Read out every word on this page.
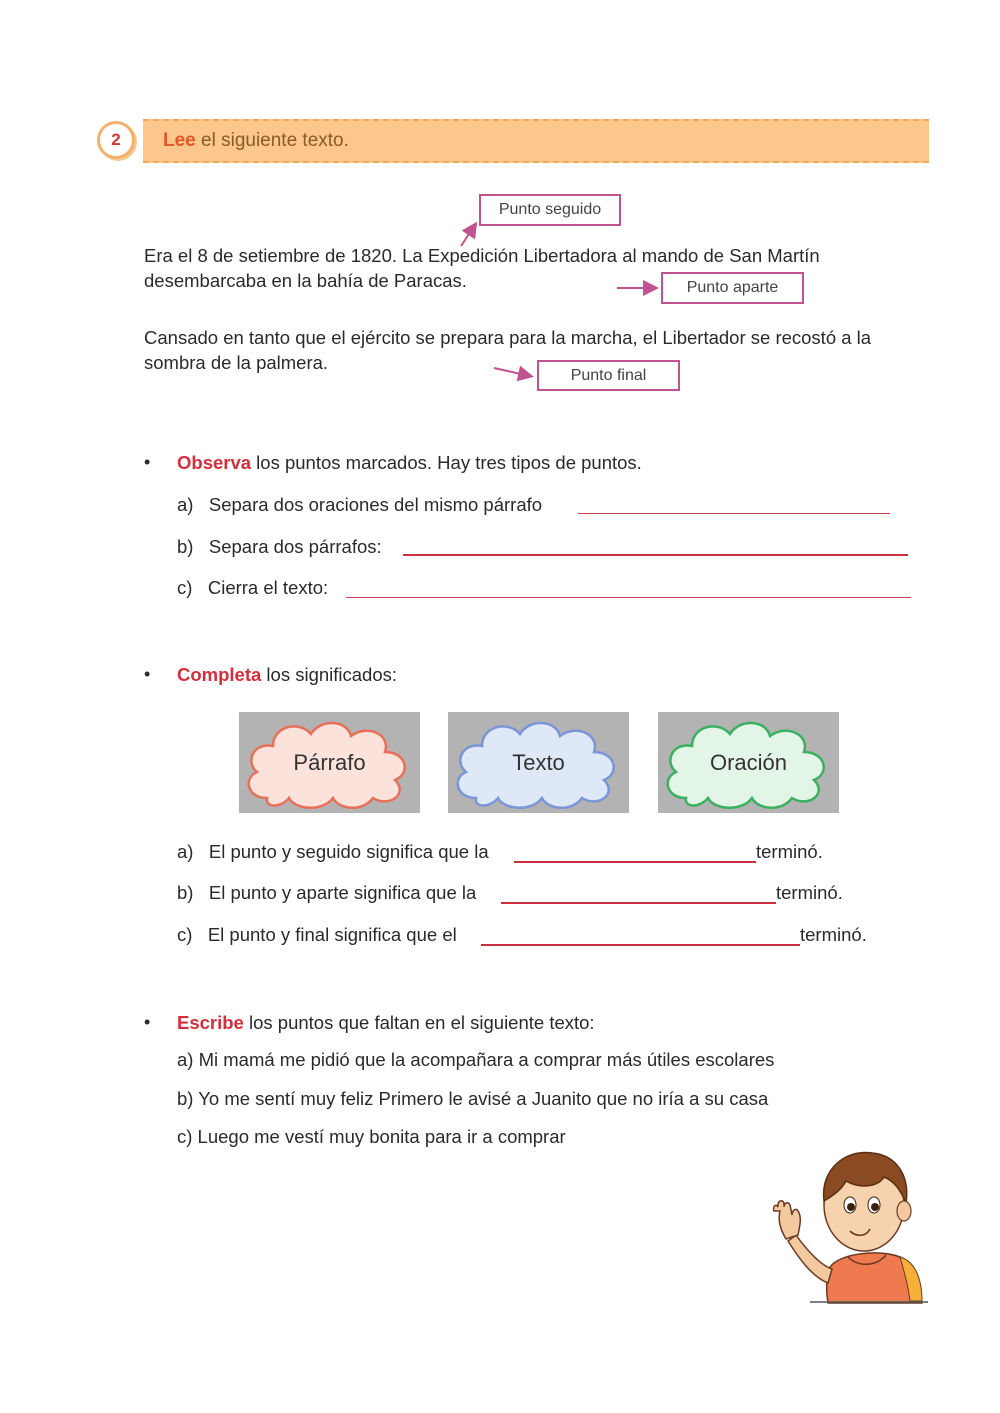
2	Lee el siguiente texto.
Punto seguido
Punto aparte
Punto final
Era el 8 de setiembre de 1820. La Expedición Libertadora al mando de San Martín desembarcaba en la bahía de Paracas.
Cansado en tanto que el ejército se prepara para la marcha, el Libertador se recostó a la sombra de la palmera.
• Observa los puntos marcados. Hay tres tipos de puntos.
a) Separa dos oraciones del mismo párrafo
b) Separa dos párrafos:
c) Cierra el texto:
• Completa los significados:
Párrafo	Texto	Oración
a) El punto y seguido significa que la	terminó.
b) El punto y aparte significa que la	terminó.
c) El punto y final significa que el	terminó.
• Escribe los puntos que faltan en el siguiente texto:
a) Mi mamá me pidió que la acompañara a comprar más útiles escolares
b) Yo me sentí muy feliz Primero le avisé a Juanito que no iría a su casa
c) Luego me vestí muy bonita para ir a comprar
